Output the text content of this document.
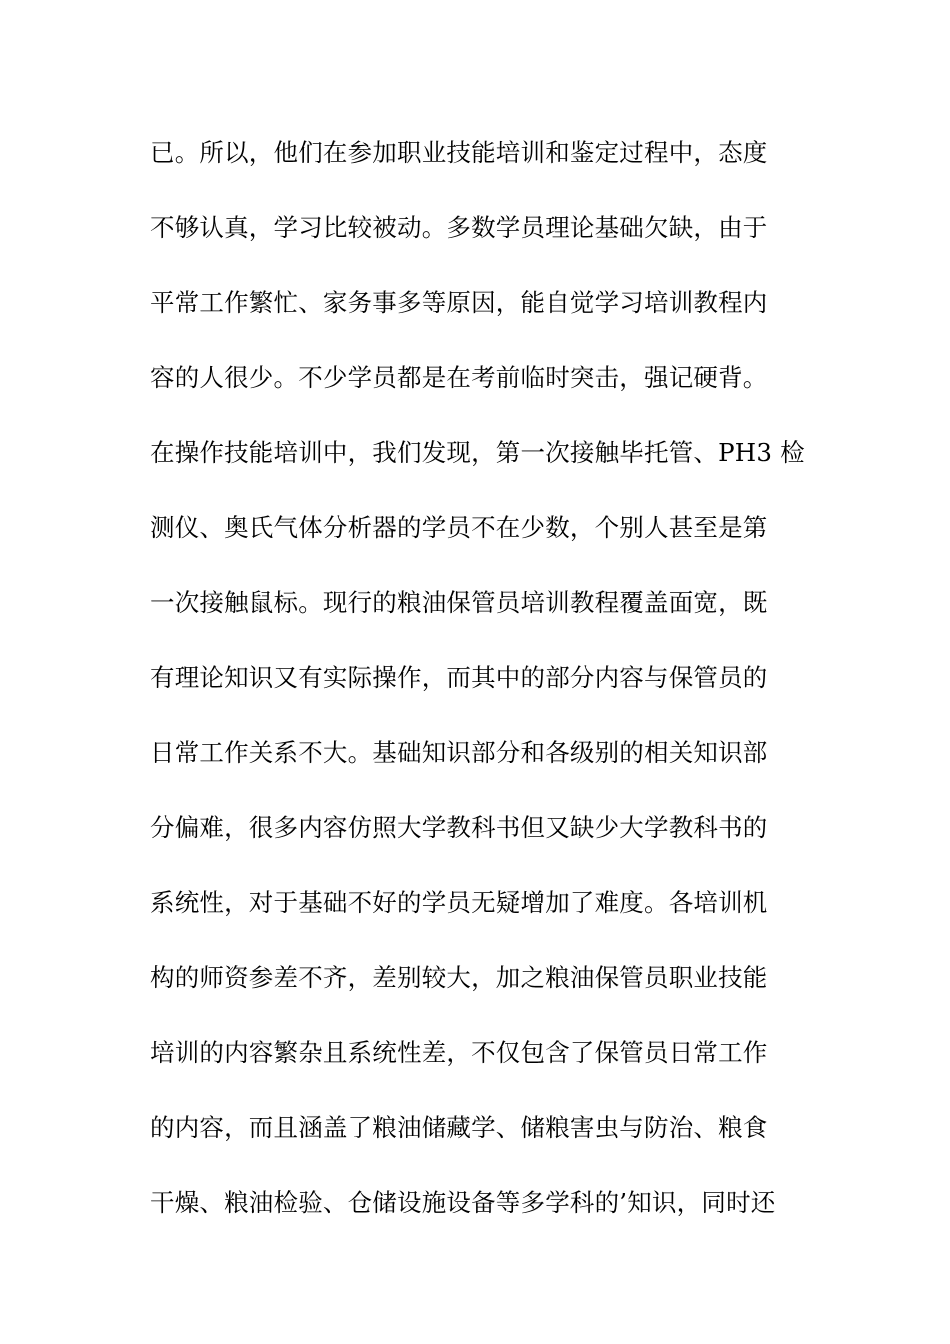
已。所以，他们在参加职业技能培训和鉴定过程中，态度
不够认真，学习比较被动。多数学员理论基础欠缺，由于
平常工作繁忙、家务事多等原因，能自觉学习培训教程内
容的人很少。不少学员都是在考前临时突击，强记硬背。
在操作技能培训中，我们发现，第一次接触毕托管、PH3 检
测仪、奥氏气体分析器的学员不在少数，个别人甚至是第
一次接触鼠标。现行的粮油保管员培训教程覆盖面宽，既
有理论知识又有实际操作，而其中的部分内容与保管员的
日常工作关系不大。基础知识部分和各级别的相关知识部
分偏难，很多内容仿照大学教科书但又缺少大学教科书的
系统性，对于基础不好的学员无疑增加了难度。各培训机
构的师资参差不齐，差别较大，加之粮油保管员职业技能
培训的内容繁杂且系统性差，不仅包含了保管员日常工作
的内容，而且涵盖了粮油储藏学、储粮害虫与防治、粮食
干燥、粮油检验、仓储设施设备等多学科的’知识，同时还
